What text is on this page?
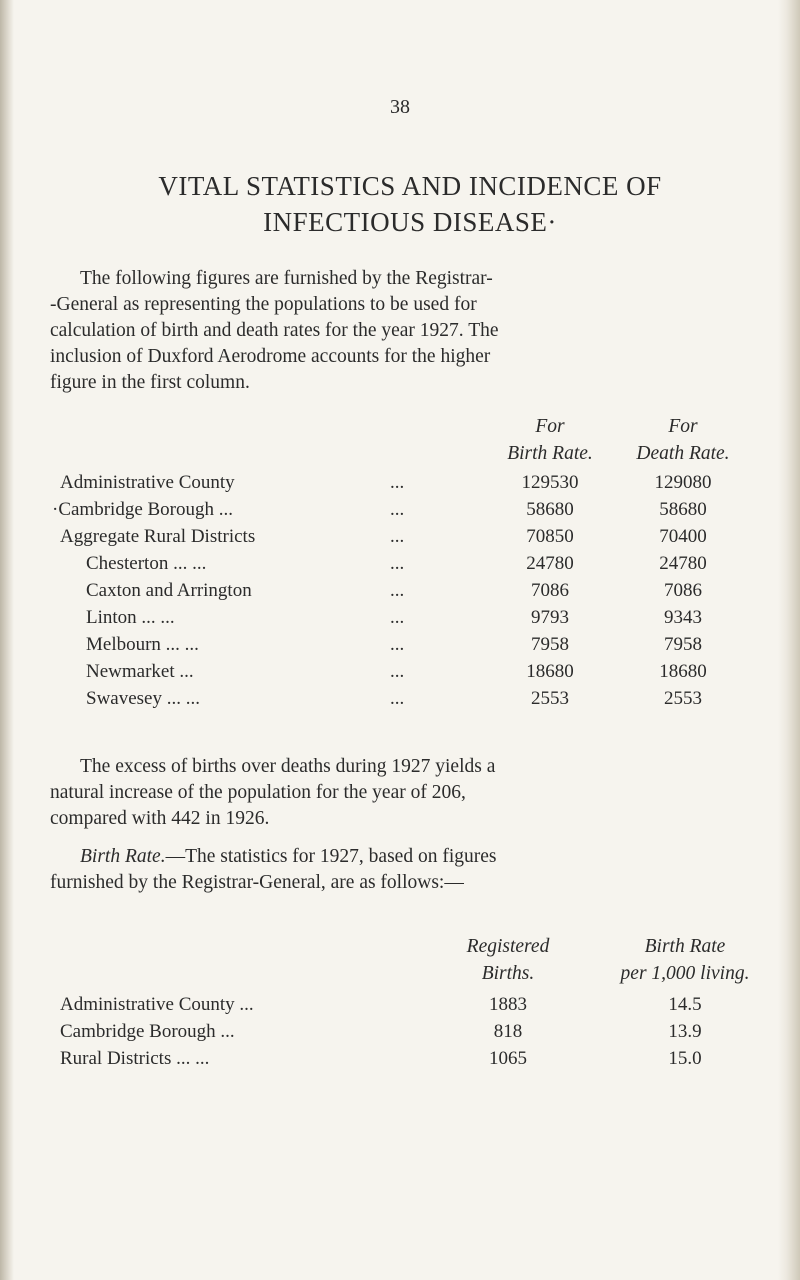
38
VITAL STATISTICS AND INCIDENCE OF INFECTIOUS DISEASE·
The following figures are furnished by the Registrar-
-General as representing the populations to be used for
calculation of birth and death rates for the year 1927. The
inclusion of Duxford Aerodrome accounts for the higher
figure in the first column.
For	For
Birth Rate.	Death Rate.
Administrative County	...	129530	129080
·Cambridge Borough ...	...	58680	58680
Aggregate Rural Districts	...	70850	70400
Chesterton ... ...	...	24780	24780
Caxton and Arrington	...	7086	7086
Linton ... ...	...	9793	9343
Melbourn ... ...	...	7958	7958
Newmarket ...	...	18680	18680
Swavesey ... ...	...	2553	2553
The excess of births over deaths during 1927 yields a
natural increase of the population for the year of 206,
compared with 442 in 1926.
Birth Rate.—The statistics for 1927, based on figures
furnished by the Registrar-General, are as follows:—
Registered	Birth Rate
Births.	per 1,000 living.
Administrative County ...	1883	14.5
Cambridge Borough ...	818	13.9
Rural Districts ... ...	1065	15.0
